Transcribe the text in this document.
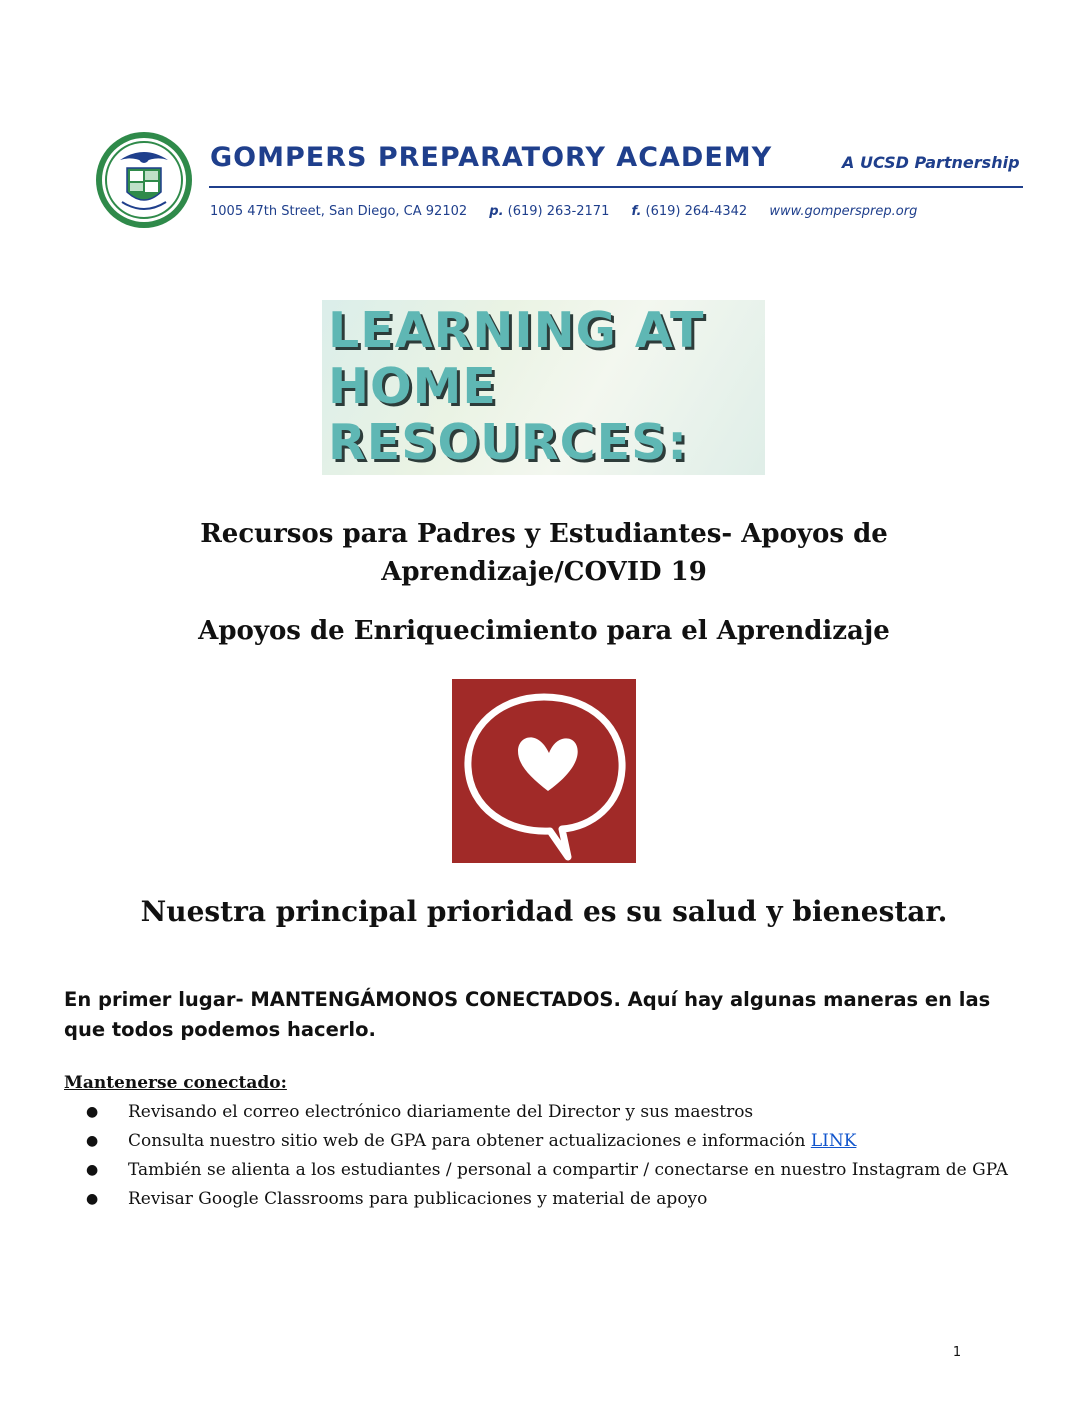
GOMPERS PREPARATORY ACADEMY	A UCSD Partnership
1005 47th Street, San Diego, CA 92102 p. (619) 263-2171 f. (619) 264-4342 www.gompersprep.org
LEARNING AT
HOME
RESOURCES:
Recursos para Padres y Estudiantes- Apoyos de
Aprendizaje/COVID 19
Apoyos de Enriquecimiento para el Aprendizaje
Nuestra principal prioridad es su salud y bienestar.
En primer lugar- MANTENGÁMONOS CONECTADOS. Aquí hay algunas maneras en las que todos podemos hacerlo.
Mantenerse conectado:
● Revisando el correo electrónico diariamente del Director y sus maestros
● Consulta nuestro sitio web de GPA para obtener actualizaciones e información LINK
● También se alienta a los estudiantes / personal a compartir / conectarse en nuestro Instagram de GPA
● Revisar Google Classrooms para publicaciones y material de apoyo
1
